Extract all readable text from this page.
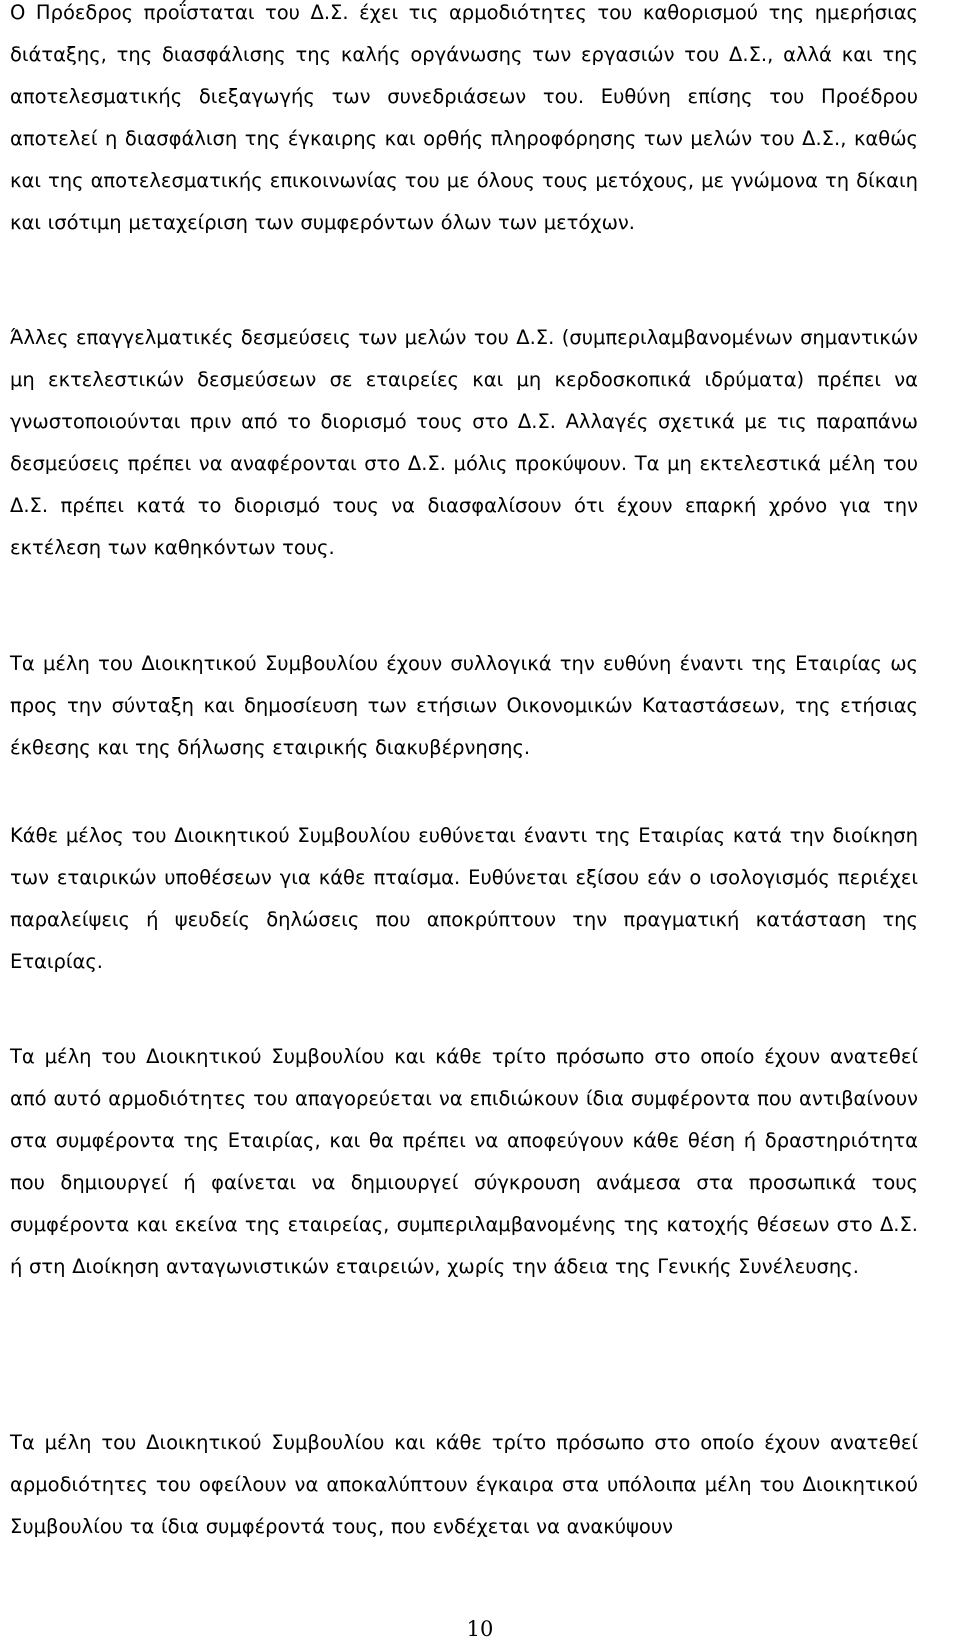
Ο Πρόεδρος προΐσταται του Δ.Σ. έχει τις αρμοδιότητες του καθορισμού της ημερήσιας διάταξης, της διασφάλισης της καλής οργάνωσης των εργασιών του Δ.Σ., αλλά και της αποτελεσματικής διεξαγωγής των συνεδριάσεων του. Ευθύνη επίσης του Προέδρου αποτελεί η διασφάλιση της έγκαιρης και ορθής πληροφόρησης των μελών του Δ.Σ., καθώς και της αποτελεσματικής επικοινωνίας του με όλους τους μετόχους, με γνώμονα τη δίκαιη και ισότιμη μεταχείριση των συμφερόντων όλων των μετόχων.

Άλλες επαγγελματικές δεσμεύσεις των μελών του Δ.Σ. (συμπεριλαμβανομένων σημαντικών μη εκτελεστικών δεσμεύσεων σε εταιρείες και μη κερδοσκοπικά ιδρύματα) πρέπει να γνωστοποιούνται πριν από το διορισμό τους στο Δ.Σ. Αλλαγές σχετικά με τις παραπάνω δεσμεύσεις πρέπει να αναφέρονται στο Δ.Σ. μόλις προκύψουν. Τα μη εκτελεστικά μέλη του Δ.Σ. πρέπει κατά το διορισμό τους να διασφαλίσουν ότι έχουν επαρκή χρόνο για την εκτέλεση των καθηκόντων τους.

Τα μέλη του Διοικητικού Συμβουλίου έχουν συλλογικά την ευθύνη έναντι της Εταιρίας ως προς την σύνταξη και δημοσίευση των ετήσιων Οικονομικών Καταστάσεων, της ετήσιας έκθεσης και της δήλωσης εταιρικής διακυβέρνησης.

Κάθε μέλος του Διοικητικού Συμβουλίου ευθύνεται έναντι της Εταιρίας κατά την διοίκηση των εταιρικών υποθέσεων για κάθε πταίσμα. Ευθύνεται εξίσου εάν ο ισολογισμός περιέχει παραλείψεις ή ψευδείς δηλώσεις που αποκρύπτουν την πραγματική κατάσταση της Εταιρίας.

Τα μέλη του Διοικητικού Συμβουλίου και κάθε τρίτο πρόσωπο στο οποίο έχουν ανατεθεί από αυτό αρμοδιότητες του απαγορεύεται να επιδιώκουν ίδια συμφέροντα που αντιβαίνουν στα συμφέροντα της Εταιρίας, και θα πρέπει να αποφεύγουν κάθε θέση ή δραστηριότητα που δημιουργεί ή φαίνεται να δημιουργεί σύγκρουση ανάμεσα στα προσωπικά τους συμφέροντα και εκείνα της εταιρείας, συμπεριλαμβανομένης της κατοχής θέσεων στο Δ.Σ. ή στη Διοίκηση ανταγωνιστικών εταιρειών, χωρίς την άδεια της Γενικής Συνέλευσης.

Τα μέλη του Διοικητικού Συμβουλίου και κάθε τρίτο πρόσωπο στο οποίο έχουν ανατεθεί αρμοδιότητες του οφείλουν να αποκαλύπτουν έγκαιρα στα υπόλοιπα μέλη του Διοικητικού Συμβουλίου τα ίδια συμφέροντά τους, που ενδέχεται να ανακύψουν

10
